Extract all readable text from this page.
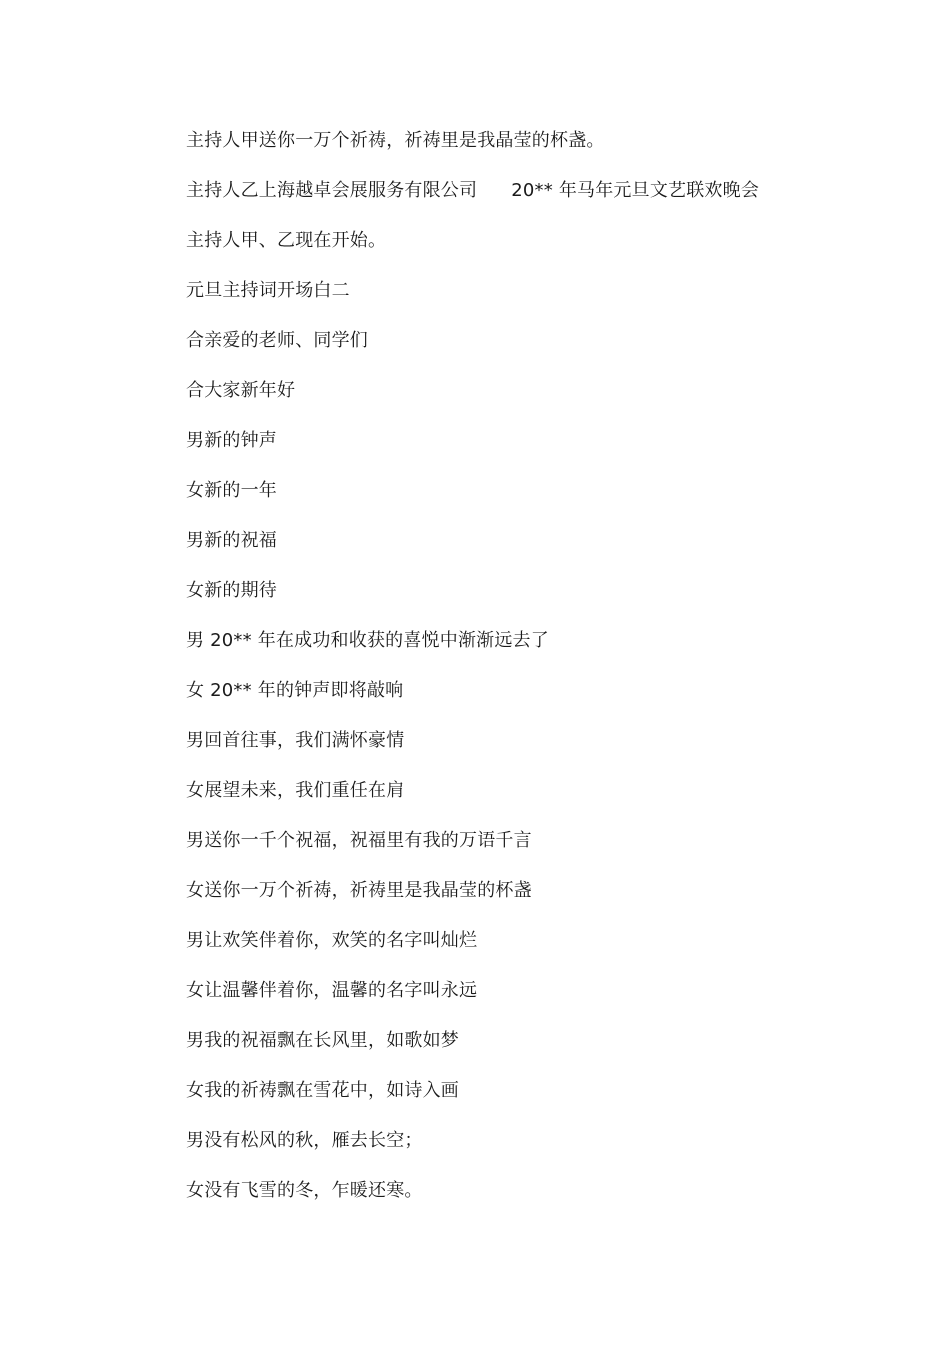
主持人甲送你一万个祈祷，祈祷里是我晶莹的杯盏。
主持人乙上海越卓会展服务有限公司 20** 年马年元旦文艺联欢晚会
主持人甲、乙现在开始。
元旦主持词开场白二
合亲爱的老师、同学们
合大家新年好
男新的钟声
女新的一年
男新的祝福
女新的期待
男 20** 年在成功和收获的喜悦中渐渐远去了
女 20** 年的钟声即将敲响
男回首往事，我们满怀豪情
女展望未来，我们重任在肩
男送你一千个祝福，祝福里有我的万语千言
女送你一万个祈祷，祈祷里是我晶莹的杯盏
男让欢笑伴着你，欢笑的名字叫灿烂
女让温馨伴着你，温馨的名字叫永远
男我的祝福飘在长风里，如歌如梦
女我的祈祷飘在雪花中，如诗入画
男没有松风的秋，雁去长空；
女没有飞雪的冬，乍暖还寒。
